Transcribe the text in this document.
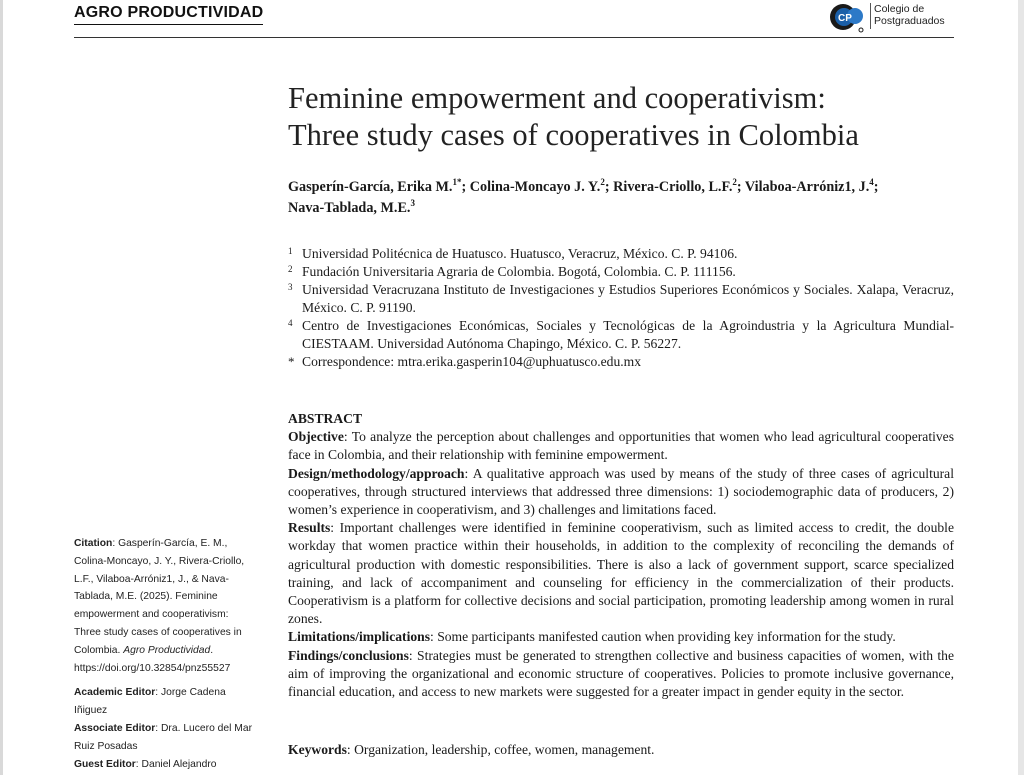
AGRO PRODUCTIVIDAD	CP
Colegio de
Postgraduados
Feminine empowerment and cooperativism:
Three study cases of cooperatives in Colombia
Gasperín-García, Erika M.$^{1*}$; Colina-Moncayo J. Y.$^2$; Rivera-Criollo, L.F.$^2$; Vilaboa-Arróniz1, J.$^4$;
Nava-Tablada, M.E.$^3$
1 Universidad Politécnica de Huatusco. Huatusco, Veracruz, México. C. P. 94106.
2 Fundación Universitaria Agraria de Colombia. Bogotá, Colombia. C. P. 111156.
3 Universidad Veracruzana Instituto de Investigaciones y Estudios Superiores Económicos y Sociales. Xalapa, Veracruz, México. C. P. 91190.
4 Centro de Investigaciones Económicas, Sociales y Tecnológicas de la Agroindustria y la Agricultura Mundial-CIESTAAM. Universidad Autónoma Chapingo, México. C. P. 56227.
* Correspondence: mtra.erika.gasperin104@uphuatusco.edu.mx
ABSTRACT

Objective: To analyze the perception about challenges and opportunities that women who lead agricultural cooperatives face in Colombia, and their relationship with feminine empowerment.

Design/methodology/approach: A qualitative approach was used by means of the study of three cases of agricultural cooperatives, through structured interviews that addressed three dimensions: 1) sociodemographic data of producers, 2) women’s experience in cooperativism, and 3) challenges and limitations faced.

Results: Important challenges were identified in feminine cooperativism, such as limited access to credit, the double workday that women practice within their households, in addition to the complexity of reconciling the demands of agricultural production with domestic responsibilities. There is also a lack of government support, scarce specialized training, and lack of accompaniment and counseling for efficiency in the commercialization of their products. Cooperativism is a platform for collective decisions and social participation, promoting leadership among women in rural zones.

Limitations/implications: Some participants manifested caution when providing key information for the study.

Findings/conclusions: Strategies must be generated to strengthen collective and business capacities of women, with the aim of improving the organizational and economic structure of cooperatives. Policies to promote inclusive governance, financial education, and access to new markets were suggested for a greater impact in gender equity in the sector.

Keywords: Organization, leadership, coffee, women, management.
Citation: Gasperín-García, E. M., Colina-Moncayo, J. Y., Rivera-Criollo, L.F., Vilaboa-Arróniz1, J., & Nava-Tablada, M.E. (2025). Feminine empowerment and cooperativism: Three study cases of cooperatives in Colombia. Agro Productividad. https://doi.org/10.32854/pnz55527
Academic Editor: Jorge Cadena Iñiguez
Associate Editor: Dra. Lucero del Mar Ruiz Posadas
Guest Editor: Daniel Alejandro
